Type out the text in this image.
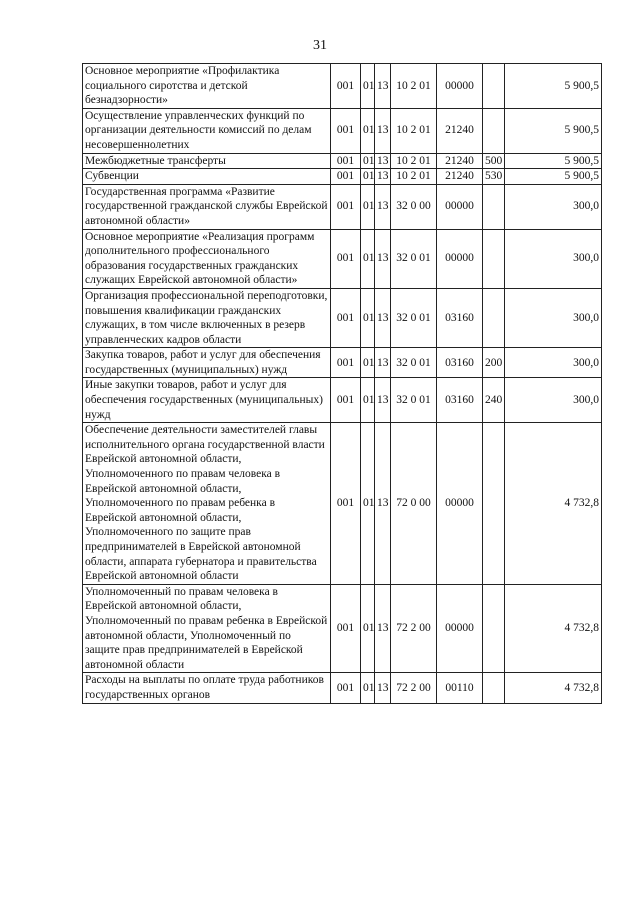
31
Основное мероприятие «Профилактика социального сиротства и детской безнадзорности»	001	01	13	10 2 01	00000		5 900,5
Осуществление управленческих функций по организации деятельности комиссий по делам несовершеннолетних	001	01	13	10 2 01	21240		5 900,5
Межбюджетные трансферты	001	01	13	10 2 01	21240	500	5 900,5
Субвенции	001	01	13	10 2 01	21240	530	5 900,5
Государственная программа «Развитие государственной гражданской службы Еврейской автономной области»	001	01	13	32 0 00	00000		300,0
Основное мероприятие «Реализация программ дополнительного профессионального образования государственных гражданских служащих Еврейской автономной области»	001	01	13	32 0 01	00000		300,0
Организация профессиональной переподготовки, повышения квалификации гражданских служащих, в том числе включенных в резерв управленческих кадров области	001	01	13	32 0 01	03160		300,0
Закупка товаров, работ и услуг для обеспечения государственных (муниципальных) нужд	001	01	13	32 0 01	03160	200	300,0
Иные закупки товаров, работ и услуг для обеспечения государственных (муниципальных) нужд	001	01	13	32 0 01	03160	240	300,0
Обеспечение деятельности заместителей главы исполнительного органа государственной власти Еврейской автономной области, Уполномоченного по правам человека в Еврейской автономной области, Уполномоченного по правам ребенка в Еврейской автономной области, Уполномоченного по защите прав предпринимателей в Еврейской автономной области, аппарата губернатора и правительства Еврейской автономной области	001	01	13	72 0 00	00000		4 732,8
Уполномоченный по правам человека в Еврейской автономной области, Уполномоченный по правам ребенка в Еврейской автономной области, Уполномоченный по защите прав предпринимателей в Еврейской автономной области	001	01	13	72 2 00	00000		4 732,8
Расходы на выплаты по оплате труда работников государственных органов	001	01	13	72 2 00	00110		4 732,8
